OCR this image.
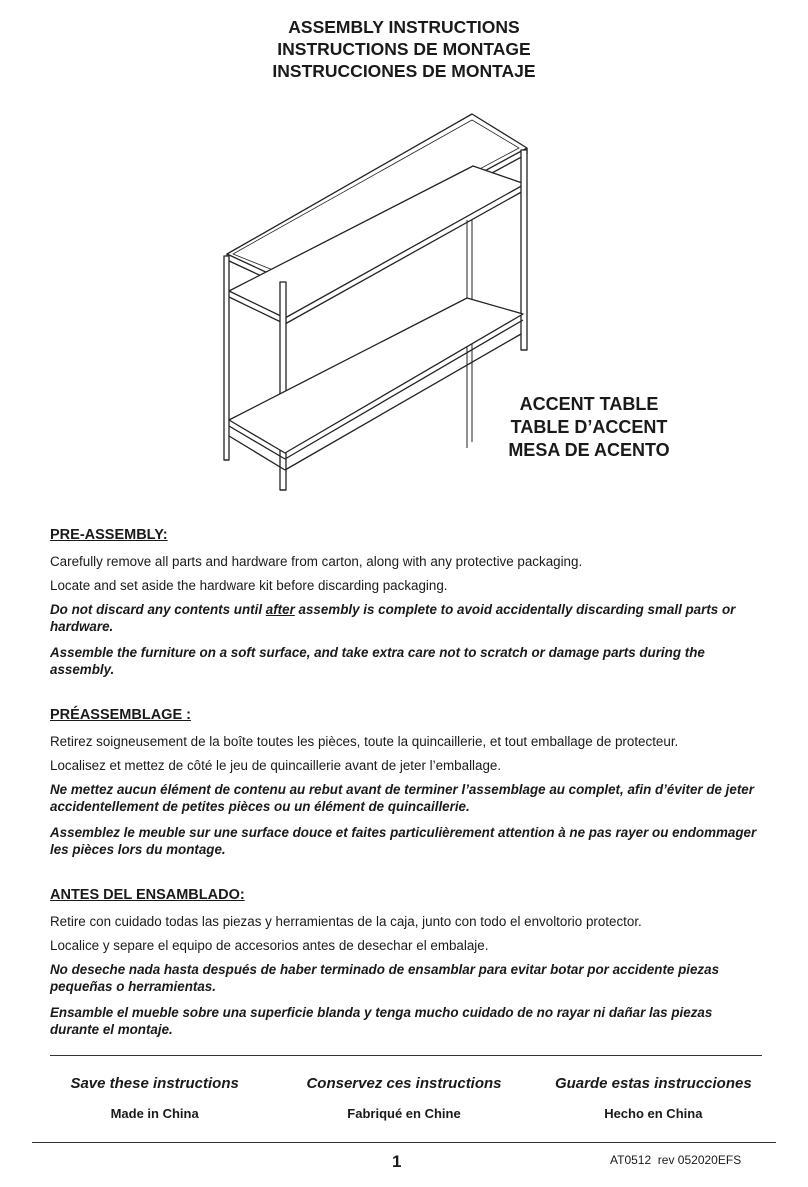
ASSEMBLY INSTRUCTIONS
INSTRUCTIONS DE MONTAGE
INSTRUCCIONES DE MONTAJE
ACCENT TABLE
TABLE D’ACCENT
MESA DE ACENTO
PRE-ASSEMBLY:
Carefully remove all parts and hardware from carton, along with any protective packaging.
Locate and set aside the hardware kit before discarding packaging.
Do not discard any contents until after assembly is complete to avoid accidentally discarding small parts or hardware.
Assemble the furniture on a soft surface, and take extra care not to scratch or damage parts during the assembly.
PRÉASSEMBLAGE :
Retirez soigneusement de la boîte toutes les pièces, toute la quincaillerie, et tout emballage de protecteur.
Localisez et mettez de côté le jeu de quincaillerie avant de jeter l’emballage.
Ne mettez aucun élément de contenu au rebut avant de terminer l’assemblage au complet, afin d’éviter de jeter accidentellement de petites pièces ou un élément de quincaillerie.
Assemblez le meuble sur une surface douce et faites particulièrement attention à ne pas rayer ou endommager les pièces lors du montage.
ANTES DEL ENSAMBLADO:
Retire con cuidado todas las piezas y herramientas de la caja, junto con todo el envoltorio protector.
Localice y separe el equipo de accesorios antes de desechar el embalaje.
No deseche nada hasta después de haber terminado de ensamblar para evitar botar por accidente piezas pequeñas o herramientas.
Ensamble el mueble sobre una superficie blanda y tenga mucho cuidado de no rayar ni dañar las piezas durante el montaje.
Save these instructions
Made in China
Conservez ces instructions
Fabriqué en Chine
Guarde estas instrucciones
Hecho en China
1	AT0512  rev 052020EFS
